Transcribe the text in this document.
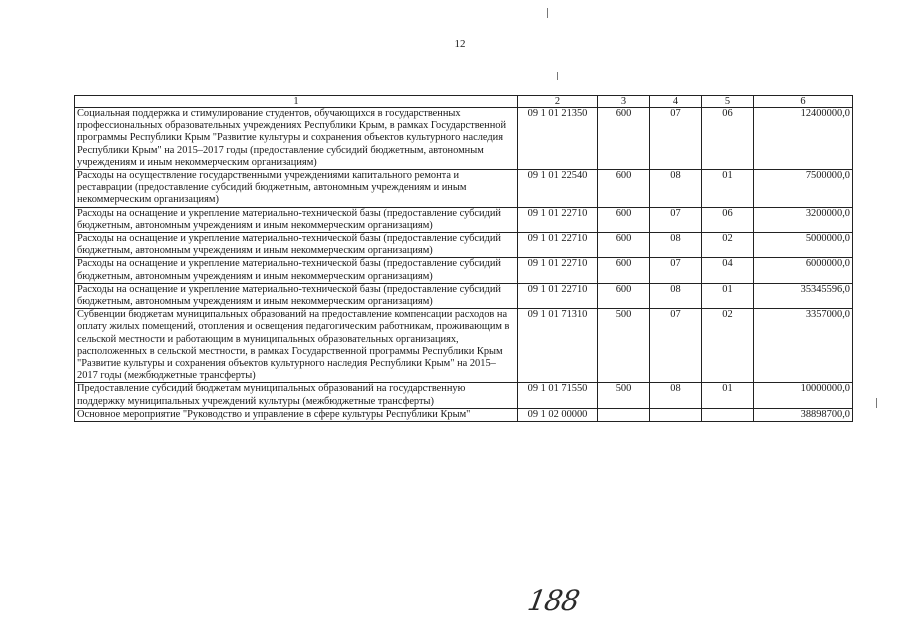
12
1	2	3	4	5	6
Социальная поддержка и стимулирование студентов, обучающихся в государственных профессиональных образовательных учреждениях Республики Крым, в рамках Государственной программы Республики Крым "Развитие культуры и сохранения объектов культурного наследия Республики Крым" на 2015–2017 годы (предоставление субсидий бюджетным, автономным учреждениям и иным некоммерческим организациям)	09 1 01 21350	600	07	06	12400000,0
Расходы на осуществление государственными учреждениями капитального ремонта и реставрации (предоставление субсидий бюджетным, автономным учреждениям и иным некоммерческим организациям)	09 1 01 22540	600	08	01	7500000,0
Расходы на оснащение и укрепление материально-технической базы (предоставление субсидий бюджетным, автономным учреждениям и иным некоммерческим организациям)	09 1 01 22710	600	07	06	3200000,0
Расходы на оснащение и укрепление материально-технической базы (предоставление субсидий бюджетным, автономным учреждениям и иным некоммерческим организациям)	09 1 01 22710	600	08	02	5000000,0
Расходы на оснащение и укрепление материально-технической базы (предоставление субсидий бюджетным, автономным учреждениям и иным некоммерческим организациям)	09 1 01 22710	600	07	04	6000000,0
Расходы на оснащение и укрепление материально-технической базы (предоставление субсидий бюджетным, автономным учреждениям и иным некоммерческим организациям)	09 1 01 22710	600	08	01	35345596,0
Субвенции бюджетам муниципальных образований на предоставление компенсации расходов на оплату жилых помещений, отопления и освещения педагогическим работникам, проживающим в сельской местности и работающим в муниципальных образовательных организациях, расположенных в сельской местности, в рамках Государственной программы Республики Крым "Развитие культуры и сохранения объектов культурного наследия Республики Крым" на 2015–2017 годы (межбюджетные трансферты)	09 1 01 71310	500	07	02	3357000,0
Предоставление субсидий бюджетам муниципальных образований на государственную поддержку муниципальных учреждений культуры (межбюджетные трансферты)	09 1 01 71550	500	08	01	10000000,0
Основное мероприятие "Руководство и управление в сфере культуры Республики Крым"	09 1 02 00000				38898700,0
188
